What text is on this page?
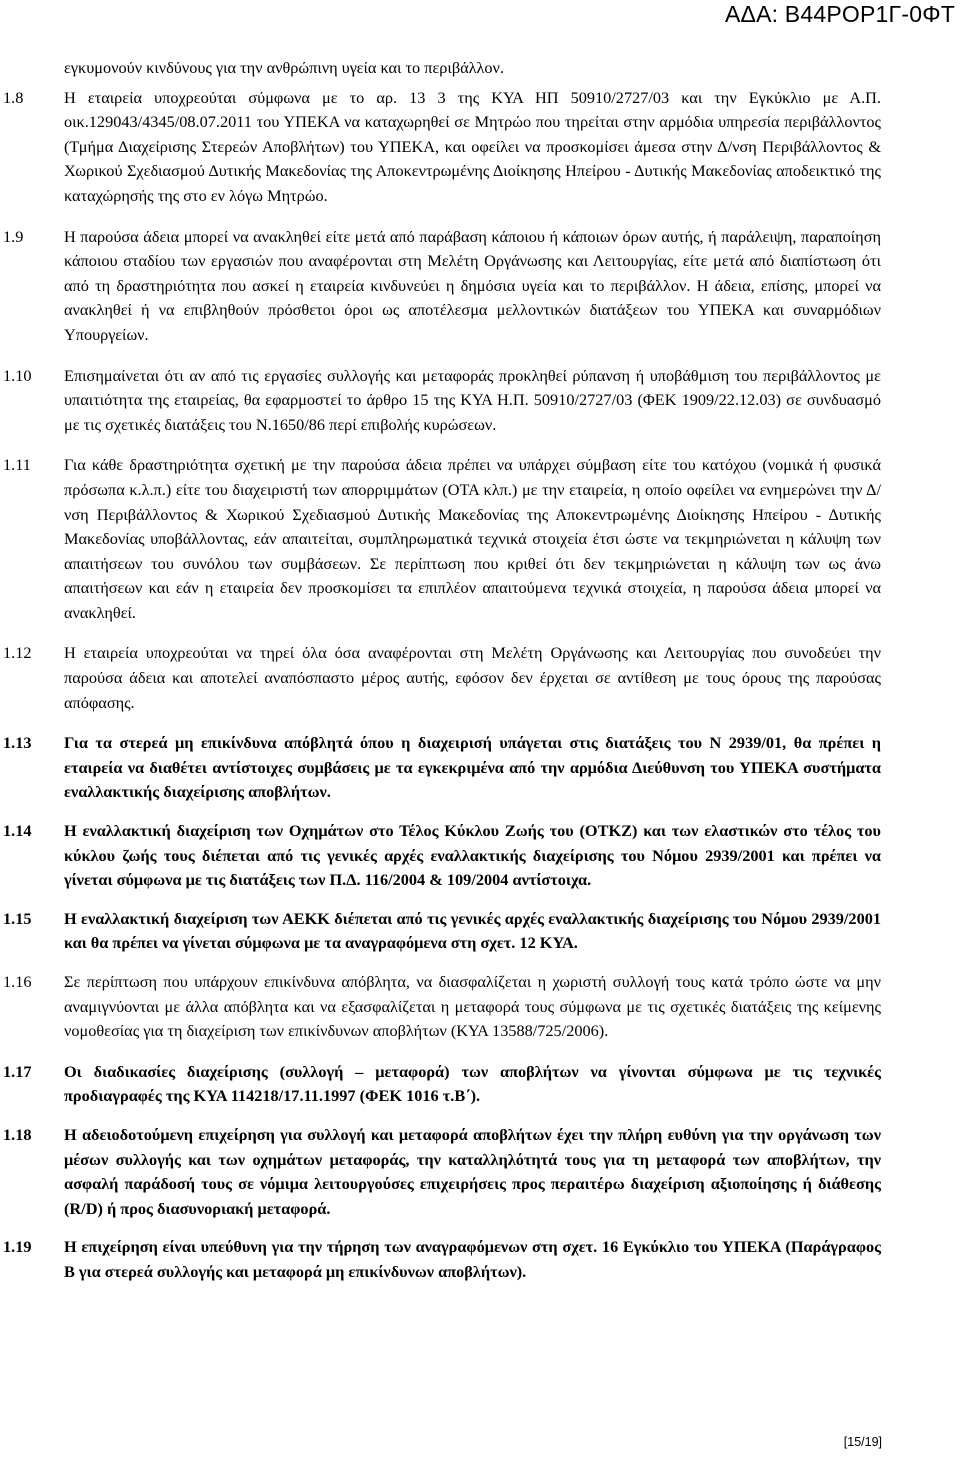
ΑΔΑ: Β44ΡΟΡ1Γ-0ΦΤ
εγκυμονούν κινδύνους για την ανθρώπινη υγεία και το περιβάλλον.
1.8	Η εταιρεία υποχρεούται σύμφωνα με το αρ. 13 3 της ΚΥΑ ΗΠ 50910/2727/03 και την Εγκύκλιο με Α.Π. οικ.129043/4345/08.07.2011 του ΥΠΕΚΑ να καταχωρηθεί σε Μητρώο που τηρείται στην αρμόδια υπηρεσία περιβάλλοντος (Τμήμα Διαχείρισης Στερεών Αποβλήτων) του ΥΠΕΚΑ, και οφείλει να προσκομίσει άμεσα στην Δ/νση Περιβάλλοντος & Χωρικού Σχεδιασμού Δυτικής Μακεδονίας της Αποκεντρωμένης Διοίκησης Ηπείρου - Δυτικής Μακεδονίας αποδεικτικό της καταχώρησής της στο εν λόγω Μητρώο.
1.9	Η παρούσα άδεια μπορεί να ανακληθεί είτε μετά από παράβαση κάποιου ή κάποιων όρων αυτής, ή παράλειψη, παραποίηση κάποιου σταδίου των εργασιών που αναφέρονται στη Μελέτη Οργάνωσης και Λειτουργίας, είτε μετά από διαπίστωση ότι από τη δραστηριότητα που ασκεί η εταιρεία κινδυνεύει η δημόσια υγεία και το περιβάλλον. Η άδεια, επίσης, μπορεί να ανακληθεί ή να επιβληθούν πρόσθετοι όροι ως αποτέλεσμα μελλοντικών διατάξεων του ΥΠΕΚΑ και συναρμόδιων Υπουργείων.
1.10	Επισημαίνεται ότι αν από τις εργασίες συλλογής και μεταφοράς προκληθεί ρύπανση ή υποβάθμιση του περιβάλλοντος με υπαιτιότητα της εταιρείας, θα εφαρμοστεί το άρθρο 15 της ΚΥΑ Η.Π. 50910/2727/03 (ΦΕΚ 1909/22.12.03) σε συνδυασμό με τις σχετικές διατάξεις του Ν.1650/86 περί επιβολής κυρώσεων.
1.11	Για κάθε δραστηριότητα σχετική με την παρούσα άδεια πρέπει να υπάρχει σύμβαση είτε του κατόχου (νομικά ή φυσικά πρόσωπα κ.λ.π.) είτε του διαχειριστή των απορριμμάτων (ΟΤΑ κλπ.) με την εταιρεία, η οποίο οφείλει να ενημερώνει την Δ/νση Περιβάλλοντος & Χωρικού Σχεδιασμού Δυτικής Μακεδονίας της Αποκεντρωμένης Διοίκησης Ηπείρου - Δυτικής Μακεδονίας υποβάλλοντας, εάν απαιτείται, συμπληρωματικά τεχνικά στοιχεία έτσι ώστε να τεκμηριώνεται η κάλυψη των απαιτήσεων του συνόλου των συμβάσεων. Σε περίπτωση που κριθεί ότι δεν τεκμηριώνεται η κάλυψη των ως άνω απαιτήσεων και εάν η εταιρεία δεν προσκομίσει τα επιπλέον απαιτούμενα τεχνικά στοιχεία, η παρούσα άδεια μπορεί να ανακληθεί.
1.12	Η εταιρεία υποχρεούται να τηρεί όλα όσα αναφέρονται στη Μελέτη Οργάνωσης και Λειτουργίας που συνοδεύει την παρούσα άδεια και αποτελεί αναπόσπαστο μέρος αυτής, εφόσον δεν έρχεται σε αντίθεση με τους όρους της παρούσας απόφασης.
1.13	Για τα στερεά μη επικίνδυνα απόβλητά όπου η διαχειρισή υπάγεται στις διατάξεις του Ν 2939/01, θα πρέπει η εταιρεία να διαθέτει αντίστοιχες συμβάσεις με τα εγκεκριμένα από την αρμόδια Διεύθυνση του ΥΠΕΚΑ συστήματα εναλλακτικής διαχείρισης αποβλήτων.
1.14	Η εναλλακτική διαχείριση των Οχημάτων στο Τέλος Κύκλου Ζωής του (ΟΤΚΖ) και των ελαστικών στο τέλος του κύκλου ζωής τους διέπεται από τις γενικές αρχές εναλλακτικής διαχείρισης του Νόμου 2939/2001 και πρέπει να γίνεται σύμφωνα με τις διατάξεις των Π.Δ. 116/2004 & 109/2004 αντίστοιχα.
1.15	Η εναλλακτική διαχείριση των ΑΕΚΚ διέπεται από τις γενικές αρχές εναλλακτικής διαχείρισης του Νόμου 2939/2001 και θα πρέπει να γίνεται σύμφωνα με τα αναγραφόμενα στη σχετ. 12 ΚΥΑ.
1.16	Σε περίπτωση που υπάρχουν επικίνδυνα απόβλητα, να διασφαλίζεται η χωριστή συλλογή τους κατά τρόπο ώστε να μην αναμιγνύονται με άλλα απόβλητα και να εξασφαλίζεται η μεταφορά τους σύμφωνα με τις σχετικές διατάξεις της κείμενης νομοθεσίας για τη διαχείριση των επικίνδυνων αποβλήτων (ΚΥΑ 13588/725/2006).
1.17	Οι διαδικασίες διαχείρισης (συλλογή – μεταφορά) των αποβλήτων να γίνονται σύμφωνα με τις τεχνικές προδιαγραφές της ΚΥΑ 114218/17.11.1997 (ΦΕΚ 1016 τ.Β΄).
1.18	Η αδειοδοτούμενη επιχείρηση για συλλογή και μεταφορά αποβλήτων έχει την πλήρη ευθύνη για την οργάνωση των μέσων συλλογής και των οχημάτων μεταφοράς, την καταλληλότητά τους για τη μεταφορά των αποβλήτων, την ασφαλή παράδοσή τους σε νόμιμα λειτουργούσες επιχειρήσεις προς περαιτέρω διαχείριση αξιοποίησης ή διάθεσης (R/D) ή προς διασυνοριακή μεταφορά.
1.19	Η επιχείρηση είναι υπεύθυνη για την τήρηση των αναγραφόμενων στη σχετ. 16 Εγκύκλιο του ΥΠΕΚΑ (Παράγραφος Β για στερεά συλλογής και μεταφορά μη επικίνδυνων αποβλήτων).
[15/19]
